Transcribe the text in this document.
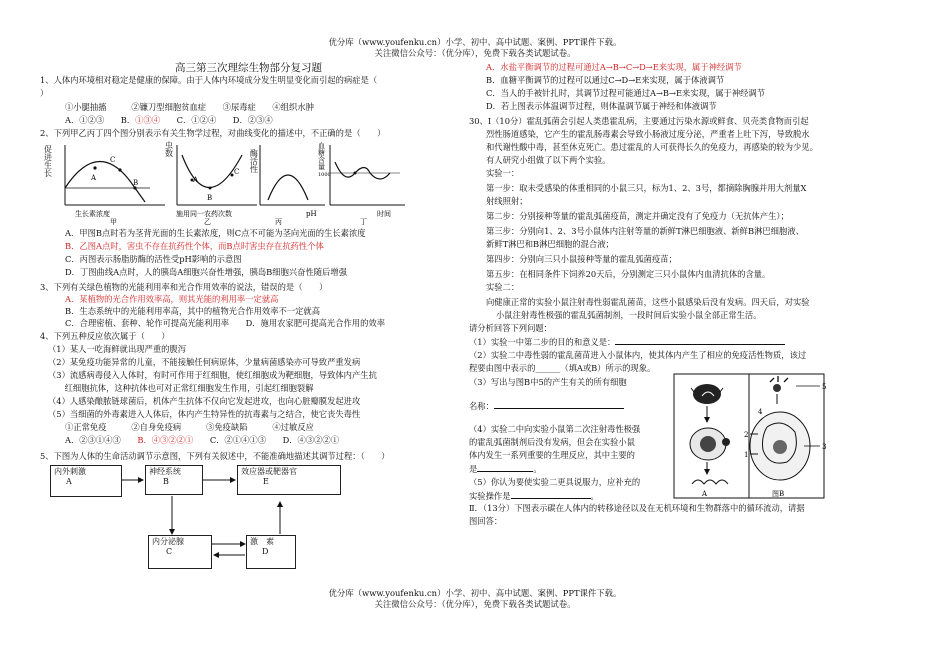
优分库（www.youfenku.cn）小学、初中、高中试题、案例、PPT课件下载。
关注微信公众号：（优分库），免费下载各类试题试卷。
高三第三次理综生物部分复习题
1、人体内环境相对稳定是健康的保障。由于人体内环境成分发生明显变化而引起的病症是（
）
①小腿抽搐　　　②镰刀型细胞贫血症　　③尿毒症　　④组织水肿
A．①②③　　B．①③④　　C．①②④　　D．②③④
2、下列甲乙丙丁四个图分别表示有关生物学过程，对曲线变化的描述中，不正确的是（　　）
A
B
C
生长素浓度
甲
促进生长
A
B
C
施用同一农药次数
乙
虫数
pH
丙
酶活性
1000
时间
丁
血糖含量
A．甲图B点时若为茎背光面的生长素浓度，则C点不可能为茎向光面的生长素浓度
B．乙图A点时，害虫不存在抗药性个体，而B点时害虫存在抗药性个体
C．丙图表示肠脂肪酶的活性受pH影响的示意图
D．丁图曲线A点时，人的胰岛A细胞兴奋性增强，胰岛B细胞兴奋性随后增强
3、下列有关绿色植物的光能利用率和光合作用效率的说法，错误的是（　　）
A．某植物的光合作用效率高，则其光能的利用率一定就高
B．生态系统中的光能利用率高，其中的植物光合作用效率不一定就高
C．合理密植、套种、轮作可提高光能利用率　　D．施用农家肥可提高光合作用的效率
4、下列五种反应依次属于（　　）
（1）某人一吃海鲜就出现严重的腹泻
（2）某免疫功能异常的儿童，不能接触任何病原体，少量病菌感染亦可导致严重发病
（3）流感病毒侵入人体时，有时可作用于红细胞，使红细胞成为靶细胞，导致体内产生抗
　　红细胞抗体，这种抗体也可对正常红细胞发生作用，引起红细胞裂解
（4）人感染酿脓链球菌后，机体产生抗体不仅向它发起进攻，也向心脏瓣膜发起进攻
（5）当细菌的外毒素进入人体后，体内产生特异性的抗毒素与之结合，使它丧失毒性
①正常免疫　　　②自身免疫病　　　③免疫缺陷　　　④过敏反应
A．②③①④③　　B．④③②②①　　C．②①④①③　　D．④③②②①
5、下图为人体的生命活动调节示意图，下列有关叙述中，不能准确地描述其调节过程：（　　）
内外刺激
A
神经系统
B
效应器或靶器官
E
内分泌腺
C
激　素
D
A．水盐平衡调节的过程可通过A→B→C→D→E来实现，属于神经调节
B．血糖平衡调节的过程可以通过C→D→E来实现，属于体液调节
C．当人的手被针扎时，其调节过程可能通过A→B→E来实现，属于神经调节
D．若上图表示体温调节过程，则体温调节属于神经和体液调节
30、Ⅰ（10分）霍乱弧菌会引起人类患霍乱病，主要通过污染水源或鲜食、贝壳类食物而引起
烈性肠道感染，它产生的霍乱肠毒素会导致小肠液过度分泌，严重者上吐下泻，导致脱水
和代谢性酸中毒，甚至休克死亡。患过霍乱的人可获得长久的免疫力，再感染的较为少见。
有人研究小组做了以下两个实验。
实验一：
第一步：取未受感染的体重相同的小鼠三只，标为1、2、3号，都摘除胸腺并用大剂量X
射线照射；
第二步：分别接种等量的霍乱弧菌疫苗，测定并确定没有了免疫力（无抗体产生）；
第三步：分别向1、2、3号小鼠体内注射等量的新鲜T淋巴细胞液、新鲜B淋巴细胞液、
新鲜T淋巴和B淋巴细胞的混合液；
第四步：分别向三只小鼠接种等量的霍乱弧菌疫苗；
第五步：在相同条件下饲养20天后，分别测定三只小鼠体内血清抗体的含量。
实验二：
向健康正常的实验小鼠注射毒性弱霍乱菌苗，这些小鼠感染后没有发病。四天后，对实验
小鼠注射毒性极强的霍乱弧菌制剂，一段时间后实验小鼠全部正常生活。
请分析回答下列问题：
（1）实验一中第二步的目的和意义是：
（2）实验二中毒性弱的霍乱菌苗进入小鼠体内，使其体内产生了相应的免疫活性物质，该过
程要由图中表示的______（填A或B）所示的现象。
（3）写出与图B中5的产生有关的所有细胞
名称：
（4）实验二中向实验小鼠第二次注射毒性极强
的霍乱弧菌制剂后没有发病，但会在实验小鼠
体内发生一系列重要的生理反应，其中主要的
是	。
（5）你认为要使实验二更具说服力，应补充的
实验操作是	。
Ⅱ．（13分）下图表示碳在人体内的转移途径以及在无机环境和生物群落中的循环流动，请据
图回答：
A
5
3
2
1
4
图B
优分库（www.youfenku.cn）小学、初中、高中试题、案例、PPT课件下载。
关注微信公众号：（优分库），免费下载各类试题试卷。
